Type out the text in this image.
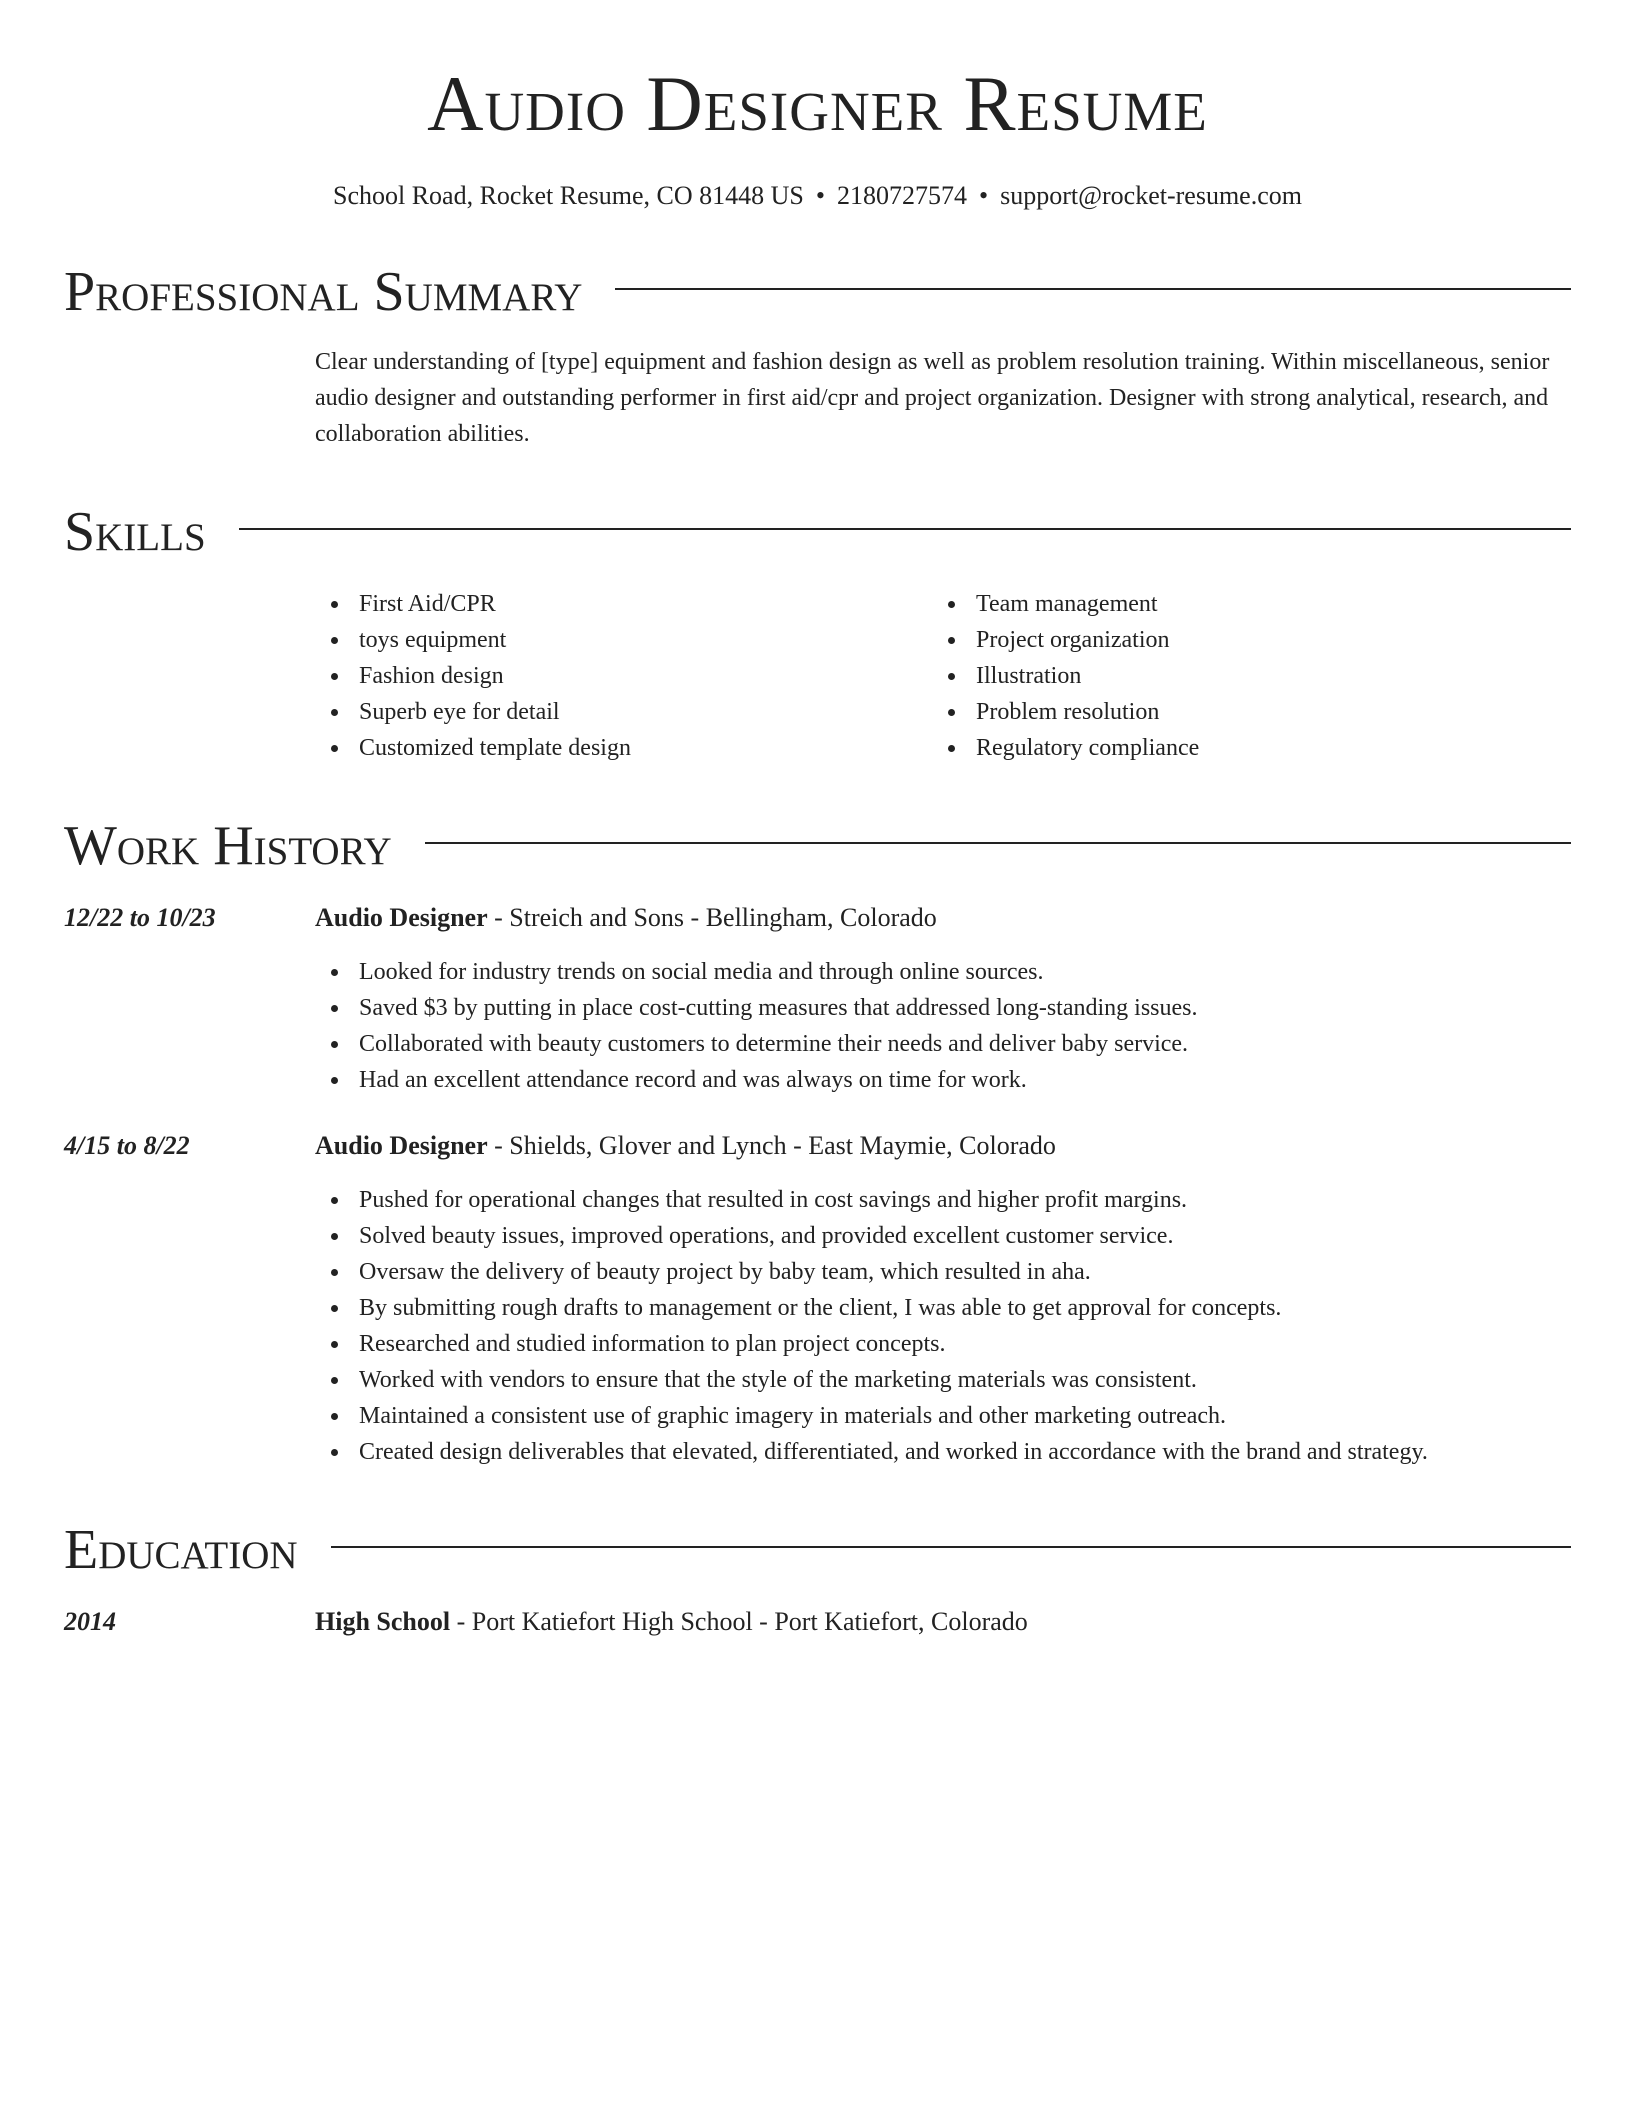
Audio Designer Resume
School Road, Rocket Resume, CO 81448 US • 2180727574 • support@rocket-resume.com
Professional Summary

Clear understanding of [type] equipment and fashion design as well as problem resolution training. Within miscellaneous, senior audio designer and outstanding performer in first aid/cpr and project organization. Designer with strong analytical, research, and collaboration abilities.

Skills
First Aid/CPR
toys equipment
Fashion design
Superb eye for detail
Customized template design
Team management
Project organization
Illustration
Problem resolution
Regulatory compliance
Work History
12/22 to 10/23	Audio Designer - Streich and Sons - Bellingham, Colorado
Looked for industry trends on social media and through online sources.
Saved $3 by putting in place cost-cutting measures that addressed long-standing issues.
Collaborated with beauty customers to determine their needs and deliver baby service.
Had an excellent attendance record and was always on time for work.
4/15 to 8/22	Audio Designer - Shields, Glover and Lynch - East Maymie, Colorado
Pushed for operational changes that resulted in cost savings and higher profit margins.
Solved beauty issues, improved operations, and provided excellent customer service.
Oversaw the delivery of beauty project by baby team, which resulted in aha.
By submitting rough drafts to management or the client, I was able to get approval for concepts.
Researched and studied information to plan project concepts.
Worked with vendors to ensure that the style of the marketing materials was consistent.
Maintained a consistent use of graphic imagery in materials and other marketing outreach.
Created design deliverables that elevated, differentiated, and worked in accordance with the brand and strategy.
Education
2014	High School - Port Katiefort High School - Port Katiefort, Colorado
